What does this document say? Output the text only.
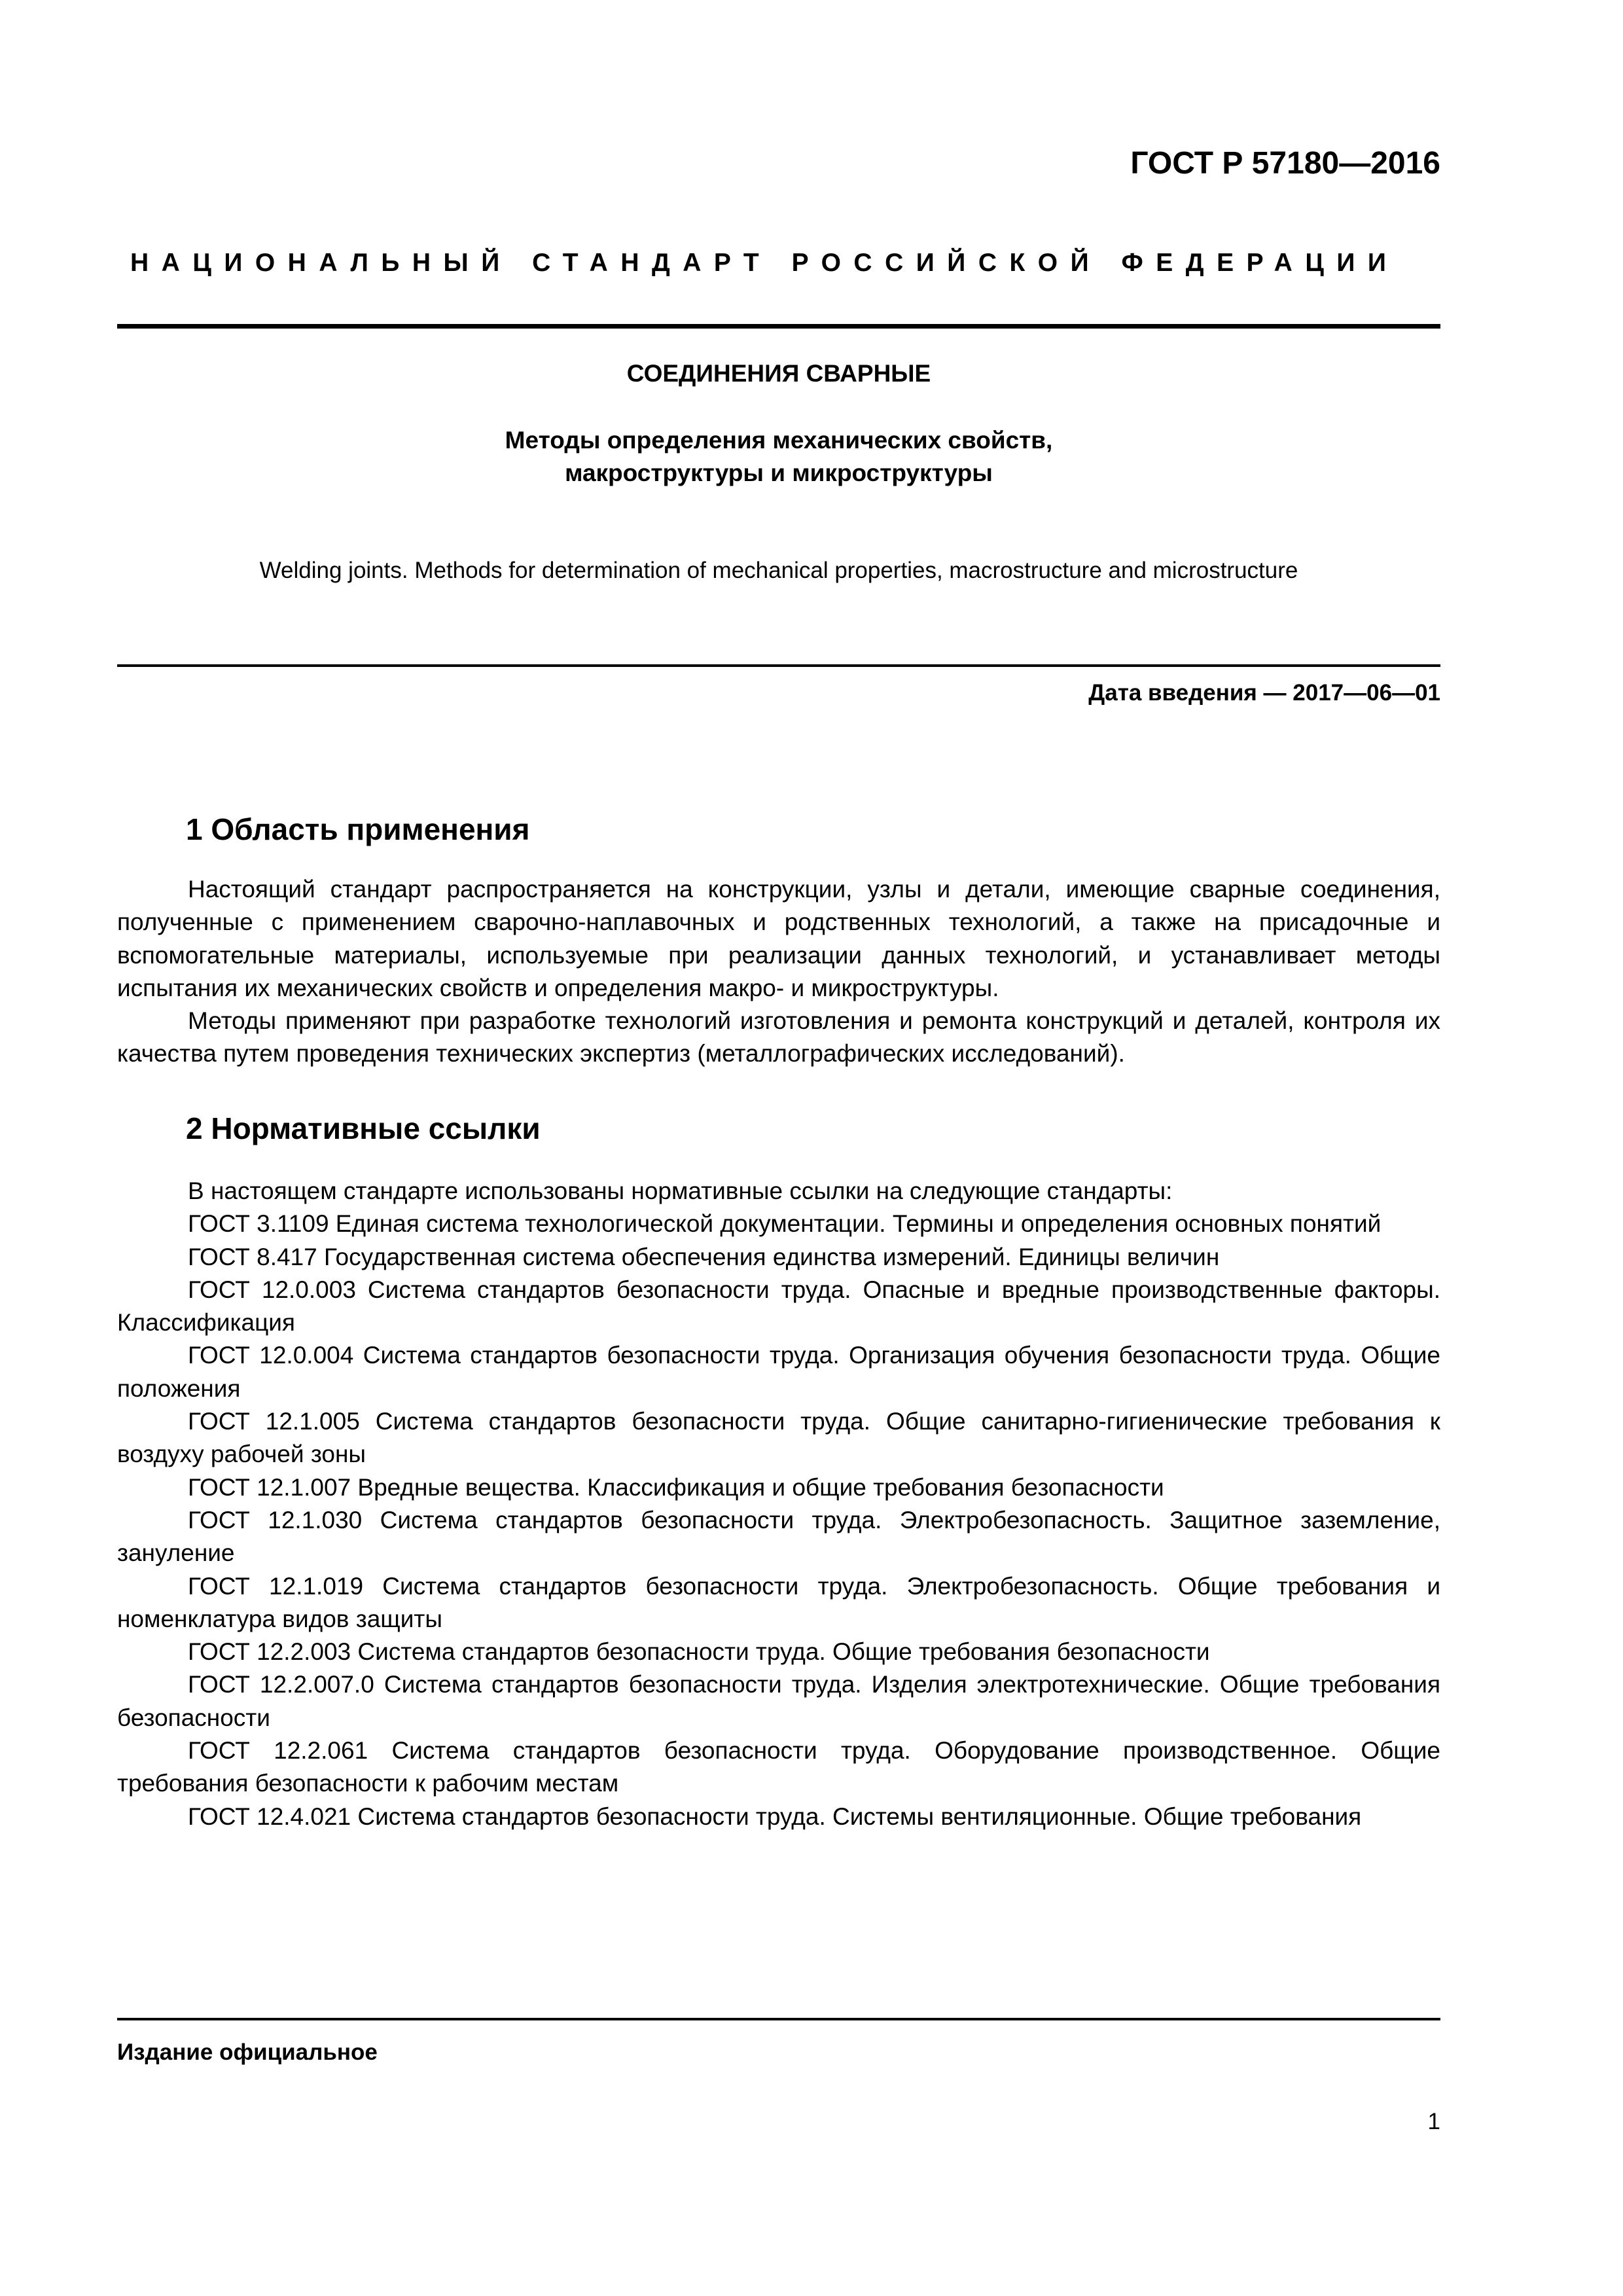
ГОСТ Р 57180—2016
НАЦИОНАЛЬНЫЙ СТАНДАРТ РОССИЙСКОЙ ФЕДЕРАЦИИ
СОЕДИНЕНИЯ СВАРНЫЕ
Методы определения механических свойств,
макроструктуры и микроструктуры
Welding joints. Methods for determination of mechanical properties, macrostructure and microstructure
Дата введения — 2017—06—01
1 Область применения

Настоящий стандарт распространяется на конструкции, узлы и детали, имеющие сварные соединения, полученные с применением сварочно-наплавочных и родственных технологий, а также на присадочные и вспомогательные материалы, используемые при реализации данных технологий, и устанавливает методы испытания их механических свойств и определения макро- и микроструктуры.

Методы применяют при разработке технологий изготовления и ремонта конструкций и деталей, контроля их качества путем проведения технических экспертиз (металлографических исследований).

2 Нормативные ссылки

В настоящем стандарте использованы нормативные ссылки на следующие стандарты:

ГОСТ 3.1109 Единая система технологической документации. Термины и определения основных понятий

ГОСТ 8.417 Государственная система обеспечения единства измерений. Единицы величин

ГОСТ 12.0.003 Система стандартов безопасности труда. Опасные и вредные производственные факторы. Классификация

ГОСТ 12.0.004 Система стандартов безопасности труда. Организация обучения безопасности труда. Общие положения

ГОСТ 12.1.005 Система стандартов безопасности труда. Общие санитарно-гигиенические требования к воздуху рабочей зоны

ГОСТ 12.1.007 Вредные вещества. Классификация и общие требования безопасности

ГОСТ 12.1.030 Система стандартов безопасности труда. Электробезопасность. Защитное заземление, зануление

ГОСТ 12.1.019 Система стандартов безопасности труда. Электробезопасность. Общие требования и номенклатура видов защиты

ГОСТ 12.2.003 Система стандартов безопасности труда. Общие требования безопасности

ГОСТ 12.2.007.0 Система стандартов безопасности труда. Изделия электротехнические. Общие требования безопасности

ГОСТ 12.2.061 Система стандартов безопасности труда. Оборудование производственное. Общие требования безопасности к рабочим местам

ГОСТ 12.4.021 Система стандартов безопасности труда. Системы вентиляционные. Общие требования

Издание официальное
1
